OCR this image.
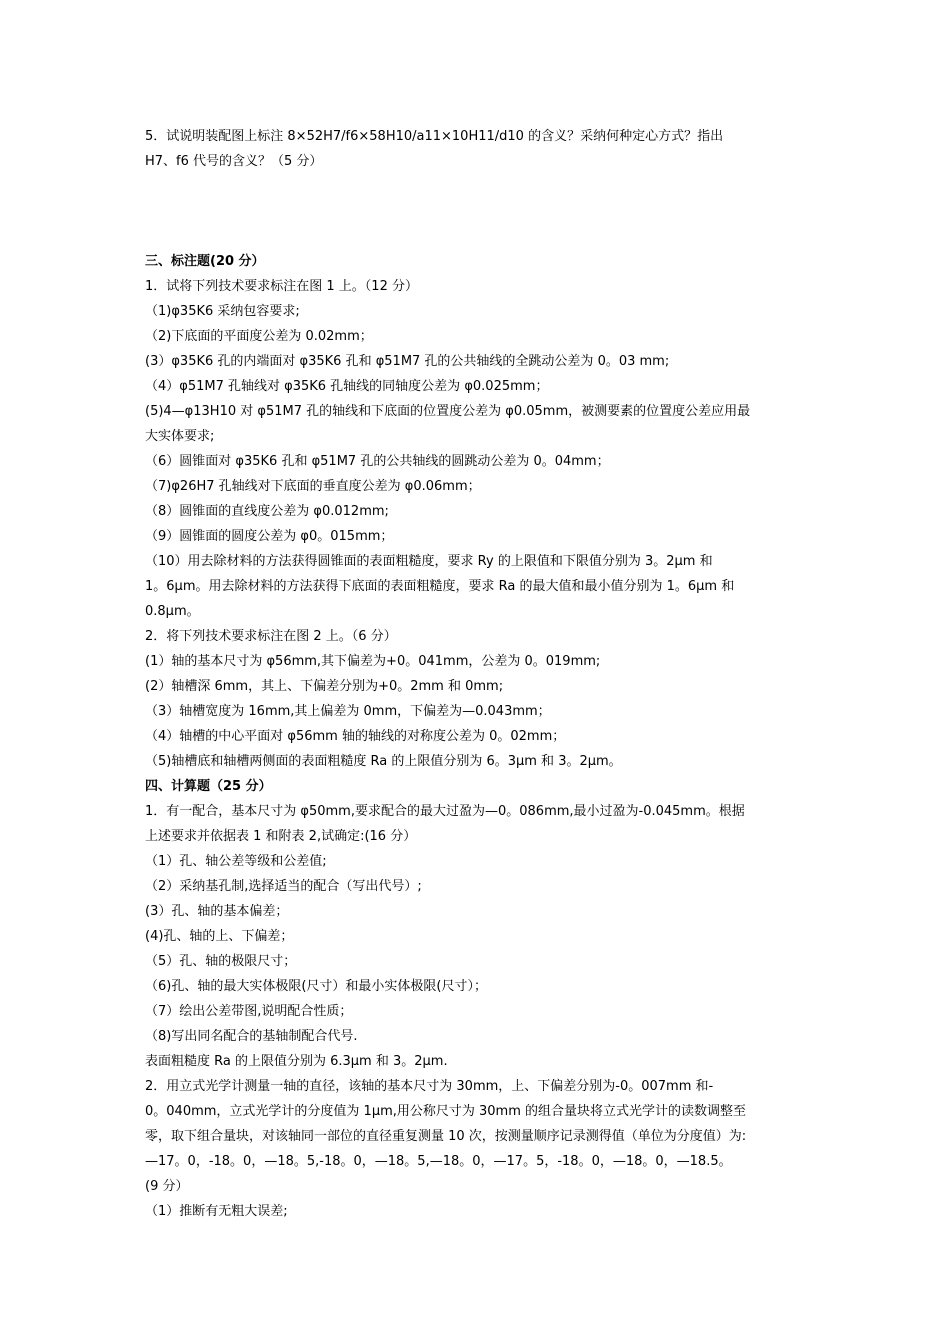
5．试说明装配图上标注 8×52H7/f6×58H10/a11×10H11/d10 的含义？采纳何种定心方式？指出
H7、f6 代号的含义？（5 分）
三、标注题(20 分）
1．试将下列技术要求标注在图 1 上。（12 分）
（1)φ35K6 采纳包容要求;
（2)下底面的平面度公差为 0.02mm；
(3）φ35K6 孔的内端面对 φ35K6 孔和 φ51M7 孔的公共轴线的全跳动公差为 0。03 mm;
（4）φ51M7 孔轴线对 φ35K6 孔轴线的同轴度公差为 φ0.025mm；
(5)4—φ13H10 对 φ51M7 孔的轴线和下底面的位置度公差为 φ0.05mm，被测要素的位置度公差应用最
大实体要求;
（6）圆锥面对 φ35K6 孔和 φ51M7 孔的公共轴线的圆跳动公差为 0。04mm；
（7)φ26H7 孔轴线对下底面的垂直度公差为 φ0.06mm；
（8）圆锥面的直线度公差为 φ0.012mm;
（9）圆锥面的圆度公差为 φ0。015mm；
（10）用去除材料的方法获得圆锥面的表面粗糙度，要求 Ry 的上限值和下限值分别为 3。2μm 和
1。6μm。用去除材料的方法获得下底面的表面粗糙度，要求 Ra 的最大值和最小值分别为 1。6μm 和
0.8μm。
2．将下列技术要求标注在图 2 上。（6 分）
(1）轴的基本尺寸为 φ56mm,其下偏差为+0。041mm，公差为 0。019mm;
(2）轴槽深 6mm，其上、下偏差分别为+0。2mm 和 0mm;
（3）轴槽宽度为 16mm,其上偏差为 0mm，下偏差为—0.043mm；
（4）轴槽的中心平面对 φ56mm 轴的轴线的对称度公差为 0。02mm；
（5)轴槽底和轴槽两侧面的表面粗糙度 Ra 的上限值分别为 6。3μm 和 3。2μm。
四、计算题（25 分）
1．有一配合，基本尺寸为 φ50mm,要求配合的最大过盈为—0。086mm,最小过盈为-0.045mm。根据
上述要求并依据表 1 和附表 2,试确定:(16 分）
（1）孔、轴公差等级和公差值;
（2）采纳基孔制,选择适当的配合（写出代号）;
(3）孔、轴的基本偏差；
(4)孔、轴的上、下偏差；
（5）孔、轴的极限尺寸；
（6)孔、轴的最大实体极限(尺寸）和最小实体极限(尺寸）；
（7）绘出公差带图,说明配合性质；
（8)写出同名配合的基轴制配合代号.
表面粗糙度 Ra 的上限值分别为 6.3μm 和 3。2μm.
2．用立式光学计测量一轴的直径，该轴的基本尺寸为 30mm，上、下偏差分别为-0。007mm 和-
0。040mm，立式光学计的分度值为 1μm,用公称尺寸为 30mm 的组合量块将立式光学计的读数调整至
零，取下组合量块，对该轴同一部位的直径重复测量 10 次，按测量顺序记录测得值（单位为分度值）为:
—17。0，-18。0，—18。5,-18。0，—18。5,—18。0，—17。5，-18。0，—18。0，—18.5。
(9 分）
（1）推断有无粗大误差;
